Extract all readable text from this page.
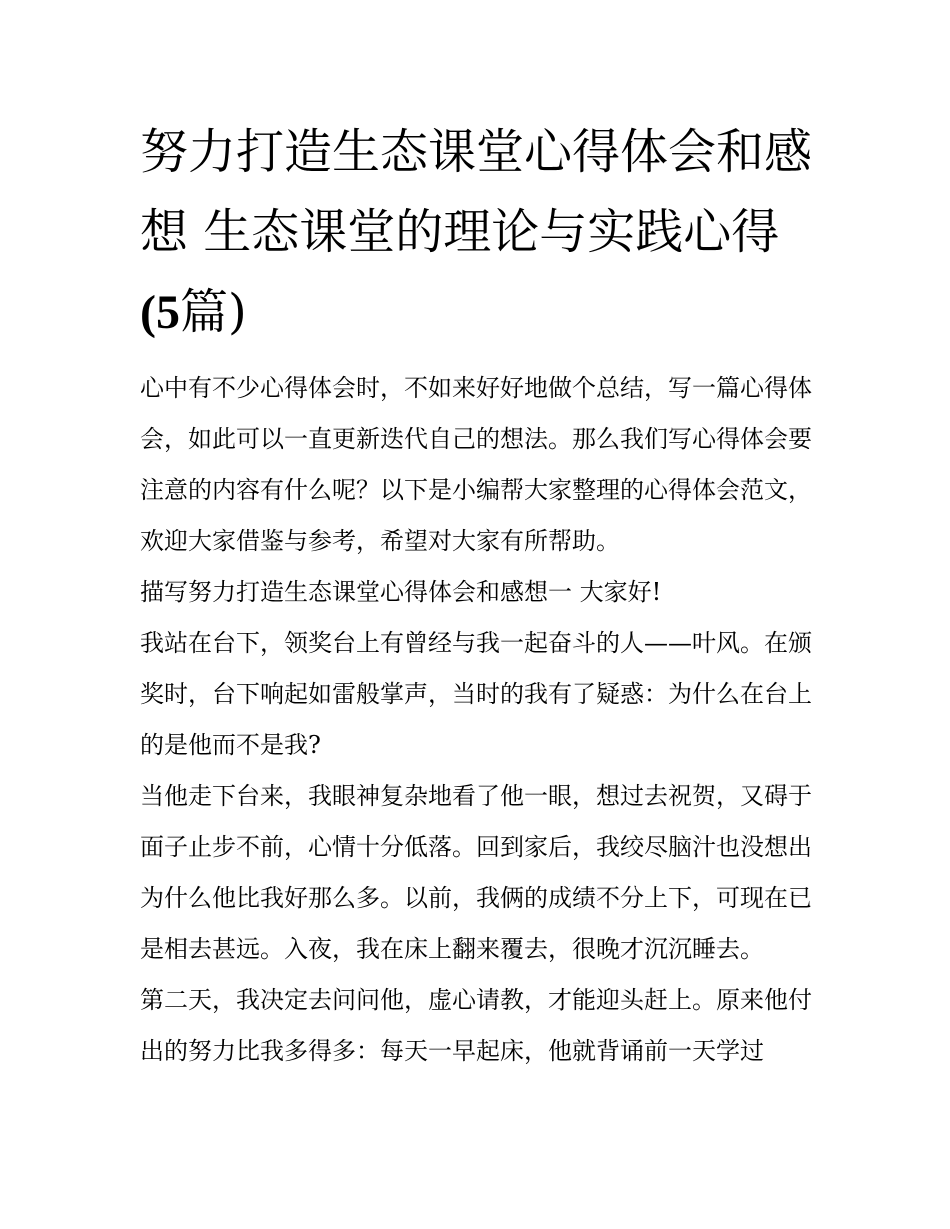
努力打造生态课堂心得体会和感想 生态课堂的理论与实践心得(5篇)

心中有不少心得体会时，不如来好好地做个总结，写一篇心得体会，如此可以一直更新迭代自己的想法。那么我们写心得体会要注意的内容有什么呢？以下是小编帮大家整理的心得体会范文，欢迎大家借鉴与参考，希望对大家有所帮助。

描写努力打造生态课堂心得体会和感想一 大家好!

我站在台下，领奖台上有曾经与我一起奋斗的人——叶风。在颁奖时，台下响起如雷般掌声，当时的我有了疑惑：为什么在台上的是他而不是我?

当他走下台来，我眼神复杂地看了他一眼，想过去祝贺，又碍于面子止步不前，心情十分低落。回到家后，我绞尽脑汁也没想出为什么他比我好那么多。以前，我俩的成绩不分上下，可现在已是相去甚远。入夜，我在床上翻来覆去，很晚才沉沉睡去。

第二天，我决定去问问他，虚心请教，才能迎头赶上。原来他付出的努力比我多得多：每天一早起床，他就背诵前一天学过
